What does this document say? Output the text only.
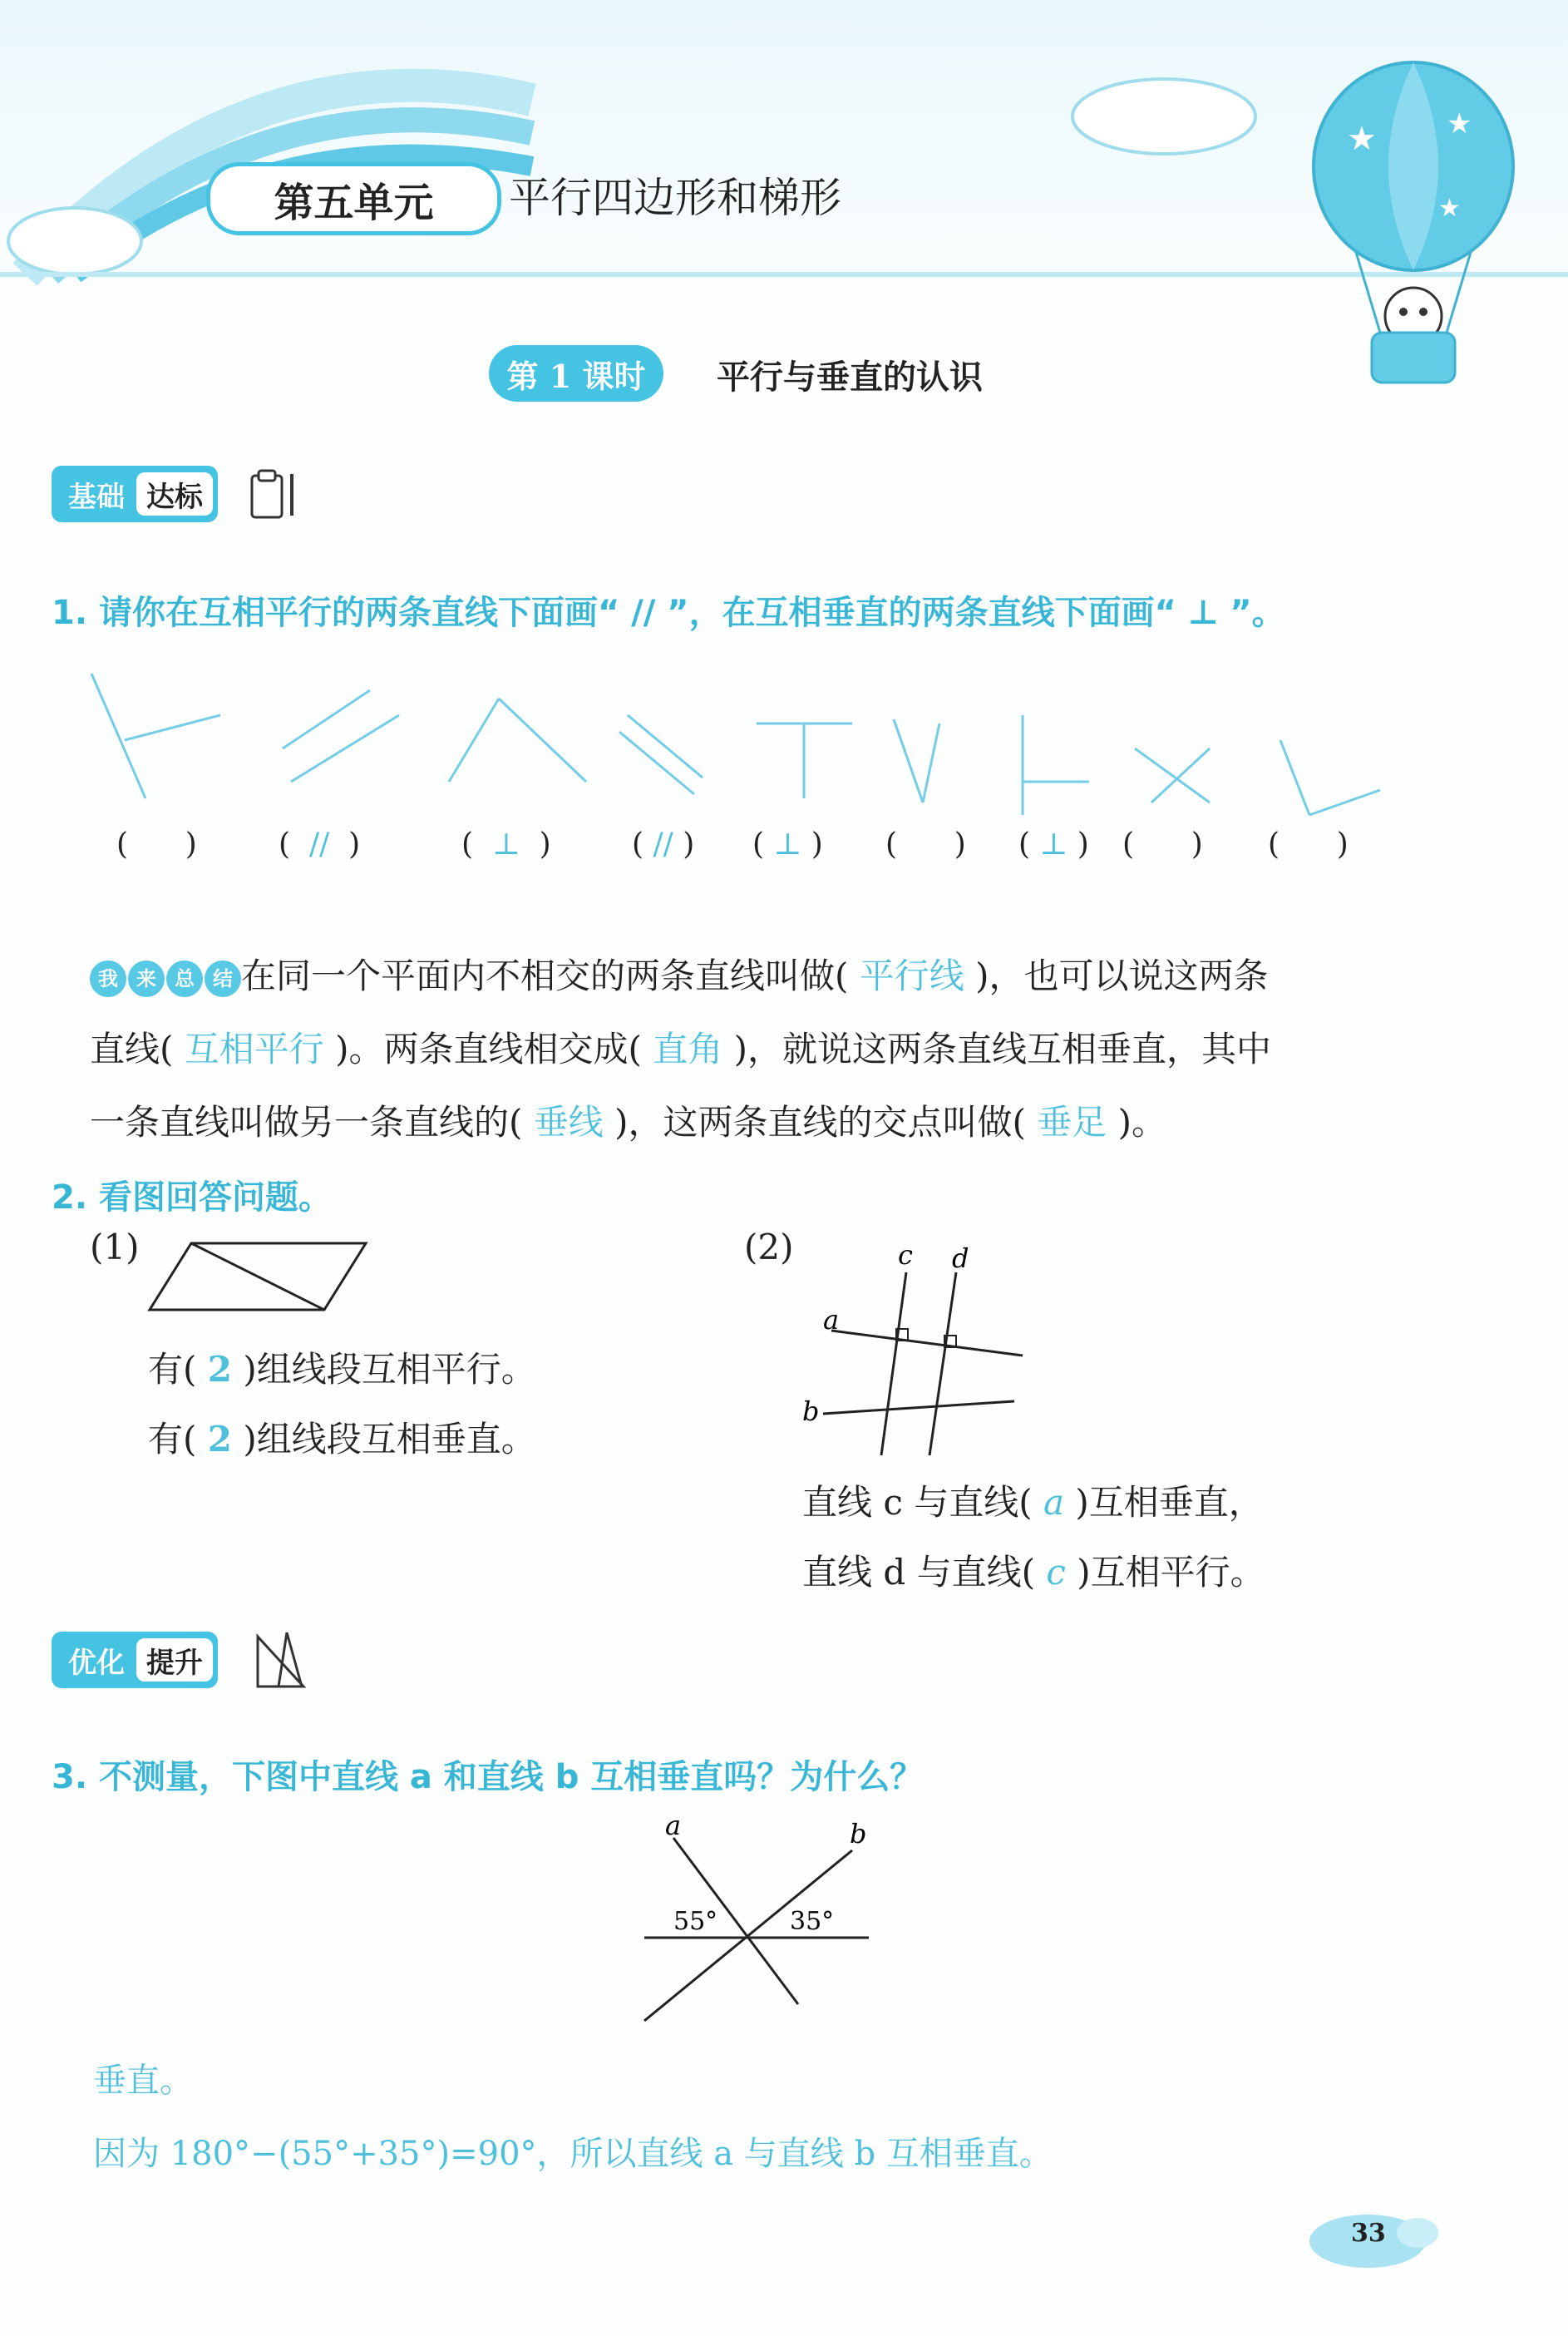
★ ★
★
第五单元	平行四边形和梯形
第 1 课时	平行与垂直的认识
基础 达标
1. 请你在互相平行的两条直线下面画“ // ”，在互相垂直的两条直线下面画“ ⊥ ”。
(      )	(  //  )	(  ⊥  )	( // ) ( ⊥ ) (      ) ( ⊥ ) (      ) (      )
我 来 总 结 在同一个平面内不相交的两条直线叫做( 平行线 )，也可以说这两条
直线( 互相平行 )。两条直线相交成( 直角 )，就说这两条直线互相垂直，其中
一条直线叫做另一条直线的( 垂线 )，这两条直线的交点叫做( 垂足 )。
2. 看图回答问题。
(1)
有( 2 )组线段互相平行。
有( 2 )组线段互相垂直。
(2)	c d
a
b
直线 c 与直线( a )互相垂直，
直线 d 与直线( c )互相平行。
优化 提升
3. 不测量，下图中直线 a 和直线 b 互相垂直吗？为什么？
a	b
55°	35°
垂直。
因为 180°−(55°+35°)=90°，所以直线 a 与直线 b 互相垂直。
33
